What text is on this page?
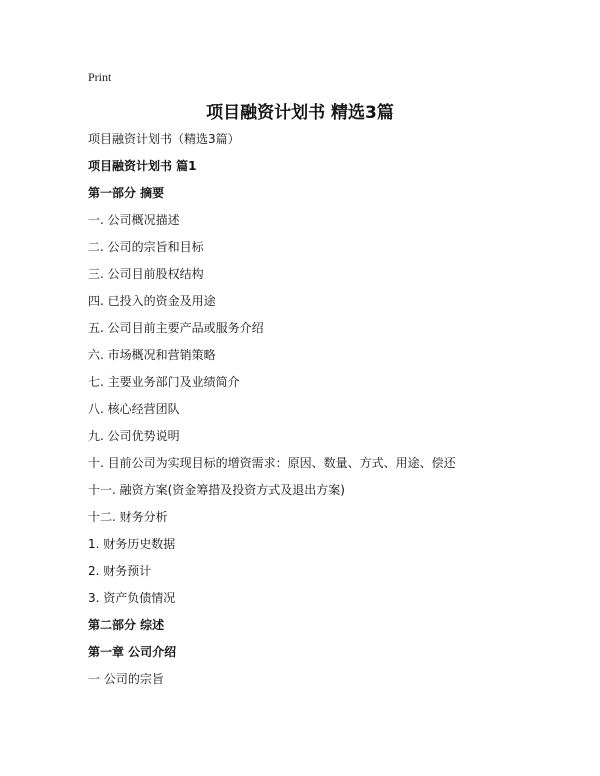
Print
项目融资计划书 精选3篇
项目融资计划书（精选3篇）
项目融资计划书 篇1
第一部分 摘要
一. 公司概况描述
二. 公司的宗旨和目标
三. 公司目前股权结构
四. 已投入的资金及用途
五. 公司目前主要产品或服务介绍
六. 市场概况和营销策略
七. 主要业务部门及业绩简介
八. 核心经营团队
九. 公司优势说明
十. 目前公司为实现目标的增资需求：原因、数量、方式、用途、偿还
十一. 融资方案(资金筹措及投资方式及退出方案)
十二. 财务分析
1. 财务历史数据
2. 财务预计
3. 资产负债情况
第二部分 综述
第一章 公司介绍
一 公司的宗旨
